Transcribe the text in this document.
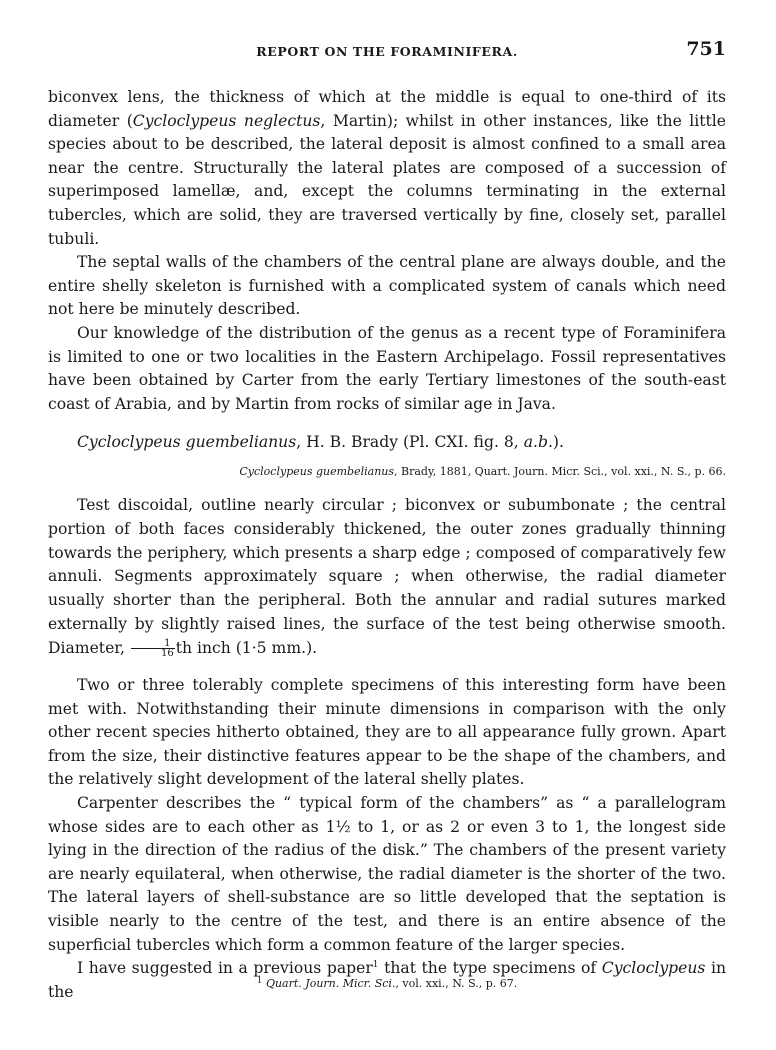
REPORT ON THE FORAMINIFERA.	751

biconvex lens, the thickness of which at the middle is equal to one-third of its diameter (Cycloclypeus neglectus, Martin); whilst in other instances, like the little species about to be described, the lateral deposit is almost confined to a small area near the centre. Structurally the lateral plates are composed of a succession of superimposed lamellæ, and, except the columns terminating in the external tubercles, which are solid, they are traversed vertically by fine, closely set, parallel tubuli.

The septal walls of the chambers of the central plane are always double, and the entire shelly skeleton is furnished with a complicated system of canals which need not here be minutely described.

Our knowledge of the distribution of the genus as a recent type of Foraminifera is limited to one or two localities in the Eastern Archipelago. Fossil representatives have been obtained by Carter from the early Tertiary limestones of the south-east coast of Arabia, and by Martin from rocks of similar age in Java.

Cycloclypeus guembelianus, H. B. Brady (Pl. CXI. fig. 8, a.b.).
Cycloclypeus guembelianus, Brady, 1881, Quart. Journ. Micr. Sci., vol. xxi., N. S., p. 66.

Test discoidal, outline nearly circular ; biconvex or subumbonate ; the central portion of both faces considerably thickened, the outer zones gradually thinning towards the periphery, which presents a sharp edge ; composed of comparatively few annuli. Segments approximately square ; when otherwise, the radial diameter usually shorter than the peripheral. Both the annular and radial sutures marked externally by slightly raised lines, the surface of the test being otherwise smooth. Diameter, $\frac{1}{16}$ th inch (1·5 mm.).

Two or three tolerably complete specimens of this interesting form have been met with. Notwithstanding their minute dimensions in comparison with the only other recent species hitherto obtained, they are to all appearance fully grown. Apart from the size, their distinctive features appear to be the shape of the chambers, and the relatively slight development of the lateral shelly plates.

Carpenter describes the “ typical form of the chambers” as “ a parallelogram whose sides are to each other as 1½ to 1, or as 2 or even 3 to 1, the longest side lying in the direction of the radius of the disk.” The chambers of the present variety are nearly equilateral, when otherwise, the radial diameter is the shorter of the two. The lateral layers of shell-substance are so little developed that the septation is visible nearly to the centre of the test, and there is an entire absence of the superficial tubercles which form a common feature of the larger species.

I have suggested in a previous paper$^1$ that the type specimens of Cycloclypeus in the

$^1$ Quart. Journ. Micr. Sci., vol. xxi., N. S., p. 67.
